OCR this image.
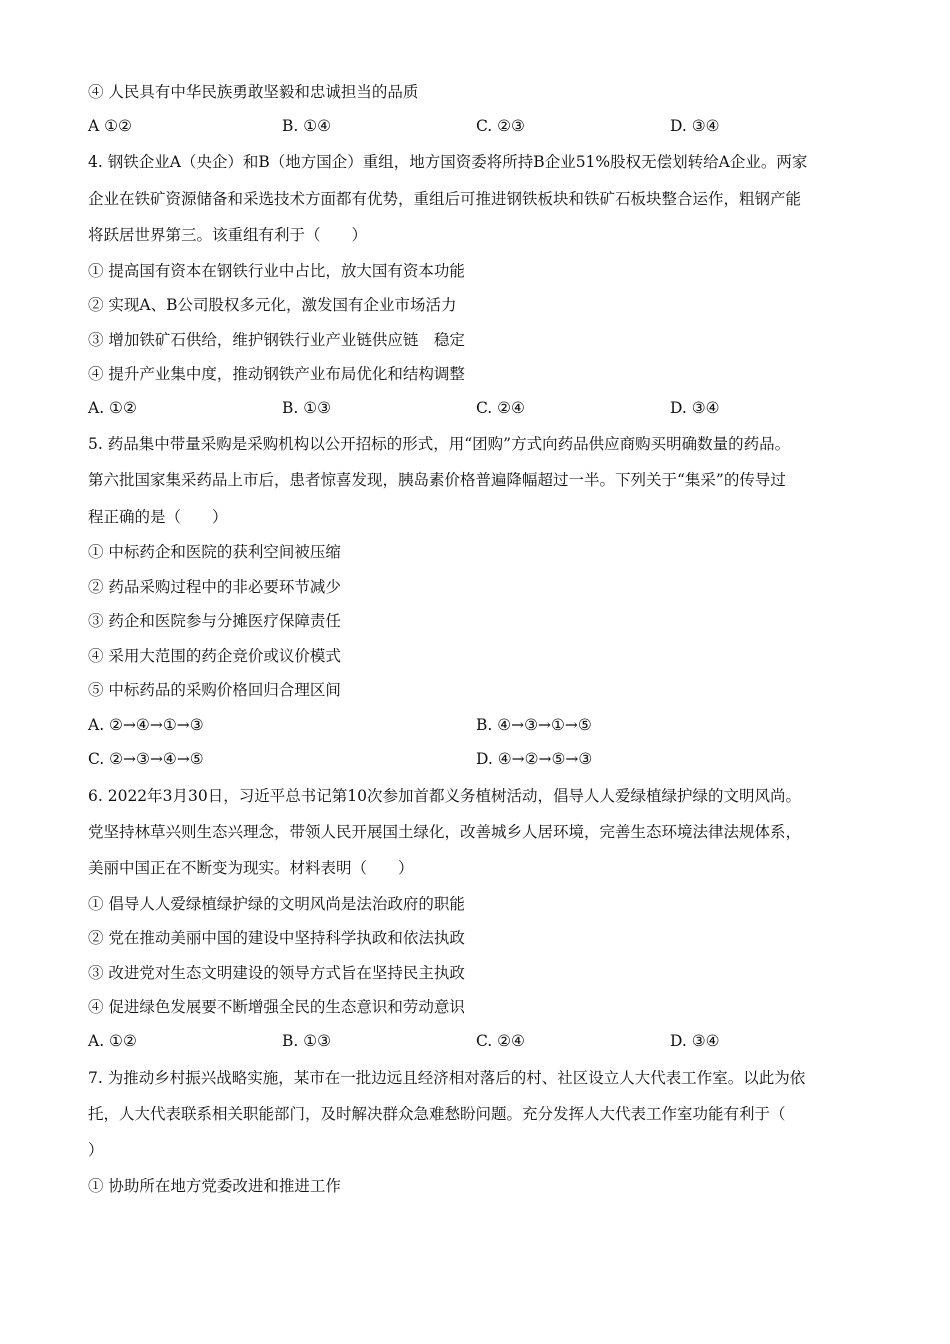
④ 人民具有中华民族勇敢坚毅和忠诚担当的品质
A ①②	B. ①④	C. ②③	D. ③④
4. 钢铁企业A（央企）和B（地方国企）重组，地方国资委将所持B企业51%股权无偿划转给A企业。两家
企业在铁矿资源储备和采选技术方面都有优势，重组后可推进钢铁板块和铁矿石板块整合运作，粗钢产能
将跃居世界第三。该重组有利于（　　）
① 提高国有资本在钢铁行业中占比，放大国有资本功能
② 实现A、B公司股权多元化，激发国有企业市场活力
③ 增加铁矿石供给，维护钢铁行业产业链供应链　稳定
④ 提升产业集中度，推动钢铁产业布局优化和结构调整
A. ①②	B. ①③	C. ②④	D. ③④
5. 药品集中带量采购是采购机构以公开招标的形式，用“团购”方式向药品供应商购买明确数量的药品。
第六批国家集采药品上市后，患者惊喜发现，胰岛素价格普遍降幅超过一半。下列关于“集采”的传导过
程正确的是（　　）
① 中标药企和医院的获利空间被压缩
② 药品采购过程中的非必要环节减少
③ 药企和医院参与分摊医疗保障责任
④ 采用大范围的药企竞价或议价模式
⑤ 中标药品的采购价格回归合理区间
A. ②→④→①→③	B. ④→③→①→⑤
C. ②→③→④→⑤	D. ④→②→⑤→③
6. 2022年3月30日，习近平总书记第10次参加首都义务植树活动，倡导人人爱绿植绿护绿的文明风尚。
党坚持林草兴则生态兴理念，带领人民开展国土绿化，改善城乡人居环境，完善生态环境法律法规体系，
美丽中国正在不断变为现实。材料表明（　　）
① 倡导人人爱绿植绿护绿的文明风尚是法治政府的职能
② 党在推动美丽中国的建设中坚持科学执政和依法执政
③ 改进党对生态文明建设的领导方式旨在坚持民主执政
④ 促进绿色发展要不断增强全民的生态意识和劳动意识
A. ①②	B. ①③	C. ②④	D. ③④
7. 为推动乡村振兴战略实施，某市在一批边远且经济相对落后的村、社区设立人大代表工作室。以此为依
托，人大代表联系相关职能部门，及时解决群众急难愁盼问题。充分发挥人大代表工作室功能有利于（
）
① 协助所在地方党委改进和推进工作
